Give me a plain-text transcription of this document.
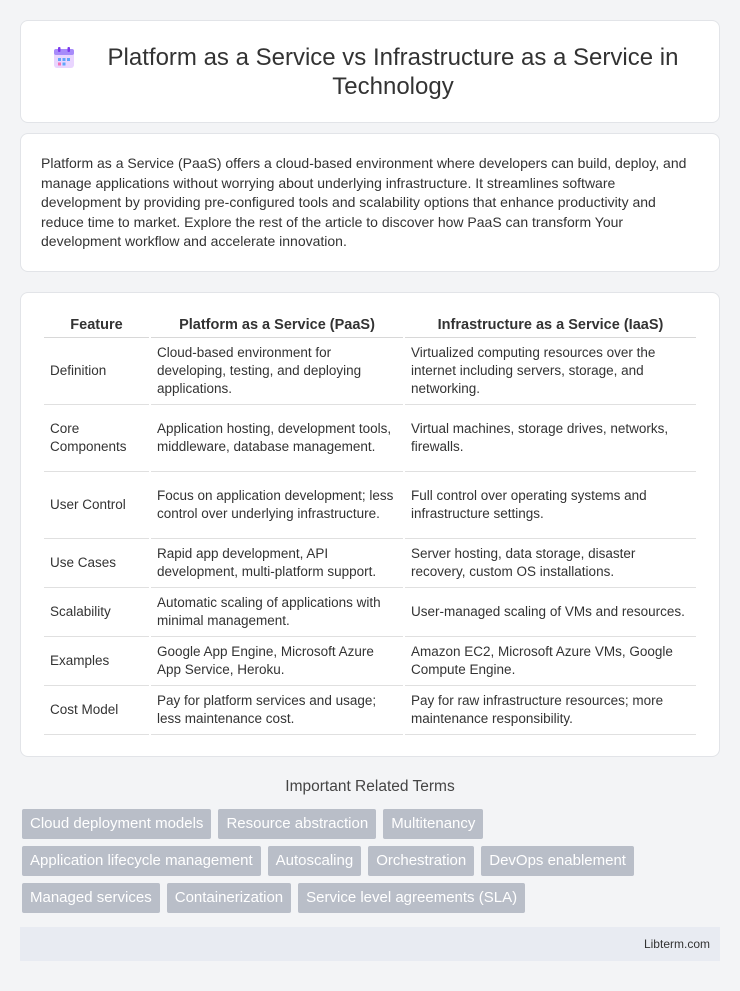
Platform as a Service vs Infrastructure as a Service in Technology

Platform as a Service (PaaS) offers a cloud-based environment where developers can build, deploy, and manage applications without worrying about underlying infrastructure. It streamlines software development by providing pre-configured tools and scalability options that enhance productivity and reduce time to market. Explore the rest of the article to discover how PaaS can transform Your development workflow and accelerate innovation.

Feature	Platform as a Service (PaaS)	Infrastructure as a Service (IaaS)
Definition	Cloud-based environment for developing, testing, and deploying applications.	Virtualized computing resources over the internet including servers, storage, and networking.
Core Components	Application hosting, development tools, middleware, database management.	Virtual machines, storage drives, networks, firewalls.
User Control	Focus on application development; less control over underlying infrastructure.	Full control over operating systems and infrastructure settings.
Use Cases	Rapid app development, API development, multi-platform support.	Server hosting, data storage, disaster recovery, custom OS installations.
Scalability	Automatic scaling of applications with minimal management.	User-managed scaling of VMs and resources.
Examples	Google App Engine, Microsoft Azure App Service, Heroku.	Amazon EC2, Microsoft Azure VMs, Google Compute Engine.
Cost Model	Pay for platform services and usage; less maintenance cost.	Pay for raw infrastructure resources; more maintenance responsibility.
Important Related Terms
Cloud deployment models	Resource abstraction	Multitenancy
Application lifecycle management	Autoscaling	Orchestration	DevOps enablement
Managed services	Containerization	Service level agreements (SLA)
Libterm.com
